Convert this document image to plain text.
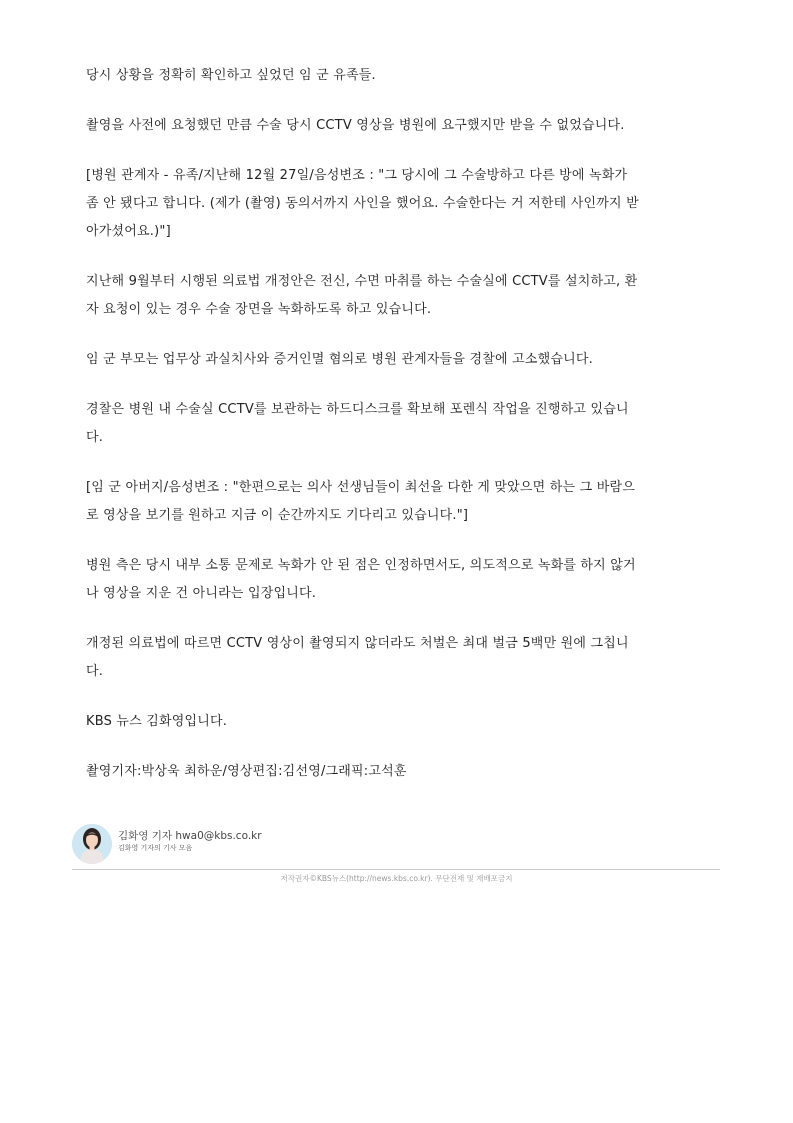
당시 상황을 정확히 확인하고 싶었던 임 군 유족들.

촬영을 사전에 요청했던 만큼 수술 당시 CCTV 영상을 병원에 요구했지만 받을 수 없었습니다.

[병원 관계자 - 유족/지난해 12월 27일/음성변조 : "그 당시에 그 수술방하고 다른 방에 녹화가
좀 안 됐다고 합니다. (제가 (촬영) 동의서까지 사인을 했어요. 수술한다는 거 저한테 사인까지 받
아가셨어요.)"]

지난해 9월부터 시행된 의료법 개정안은 전신, 수면 마취를 하는 수술실에 CCTV를 설치하고, 환
자 요청이 있는 경우 수술 장면을 녹화하도록 하고 있습니다.

임 군 부모는 업무상 과실치사와 증거인멸 혐의로 병원 관계자들을 경찰에 고소했습니다.

경찰은 병원 내 수술실 CCTV를 보관하는 하드디스크를 확보해 포렌식 작업을 진행하고 있습니
다.

[임 군 아버지/음성변조 : "한편으로는 의사 선생님들이 최선을 다한 게 맞았으면 하는 그 바람으
로 영상을 보기를 원하고 지금 이 순간까지도 기다리고 있습니다."]

병원 측은 당시 내부 소통 문제로 녹화가 안 된 점은 인정하면서도, 의도적으로 녹화를 하지 않거
나 영상을 지운 건 아니라는 입장입니다.

개정된 의료법에 따르면 CCTV 영상이 촬영되지 않더라도 처벌은 최대 벌금 5백만 원에 그칩니
다.

KBS 뉴스 김화영입니다.

촬영기자:박상욱 최하운/영상편집:김선영/그래픽:고석훈

김화영 기자 hwa0@kbs.co.kr
김화영 기자의 기사 모음
저작권자©KBS뉴스(http://news.kbs.co.kr). 무단전재 및 재배포금지
